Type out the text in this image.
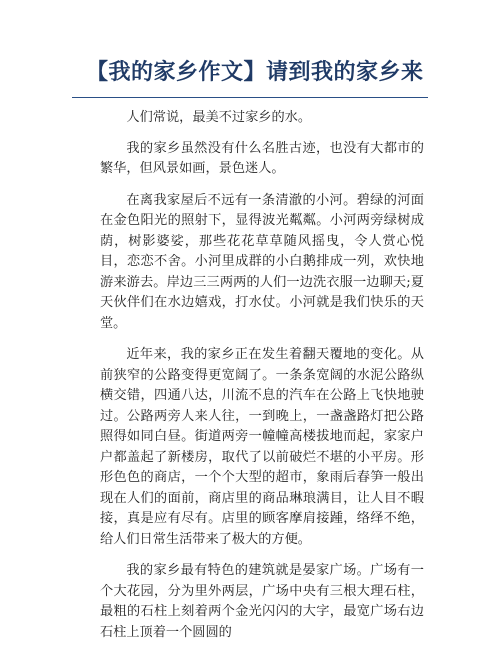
【我的家乡作文】请到我的家乡来

人们常说，最美不过家乡的水。

我的家乡虽然没有什么名胜古迹，也没有大都市的繁华，但风景如画，景色迷人。

在离我家屋后不远有一条清澈的小河。碧绿的河面在金色阳光的照射下，显得波光粼粼。小河两旁绿树成荫，树影婆娑，那些花花草草随风摇曳，令人赏心悦目，恋恋不舍。小河里成群的小白鹅排成一列，欢快地游来游去。岸边三三两两的人们一边洗衣服一边聊天;夏天伙伴们在水边嬉戏，打水仗。小河就是我们快乐的天堂。

近年来，我的家乡正在发生着翻天覆地的变化。从前狭窄的公路变得更宽阔了。一条条宽阔的水泥公路纵横交错，四通八达，川流不息的汽车在公路上飞快地驶过。公路两旁人来人往，一到晚上，一盏盏路灯把公路照得如同白昼。街道两旁一幢幢高楼拔地而起，家家户户都盖起了新楼房，取代了以前破烂不堪的小平房。形形色色的商店，一个个大型的超市，象雨后春笋一般出现在人们的面前，商店里的商品琳琅满目，让人目不暇接，真是应有尽有。店里的顾客摩肩接踵，络绎不绝，给人们日常生活带来了极大的方便。

我的家乡最有特色的建筑就是晏家广场。广场有一个大花园，分为里外两层，广场中央有三根大理石柱，最粗的石柱上刻着两个金光闪闪的大字，最宽广场右边石柱上顶着一个圆圆的
